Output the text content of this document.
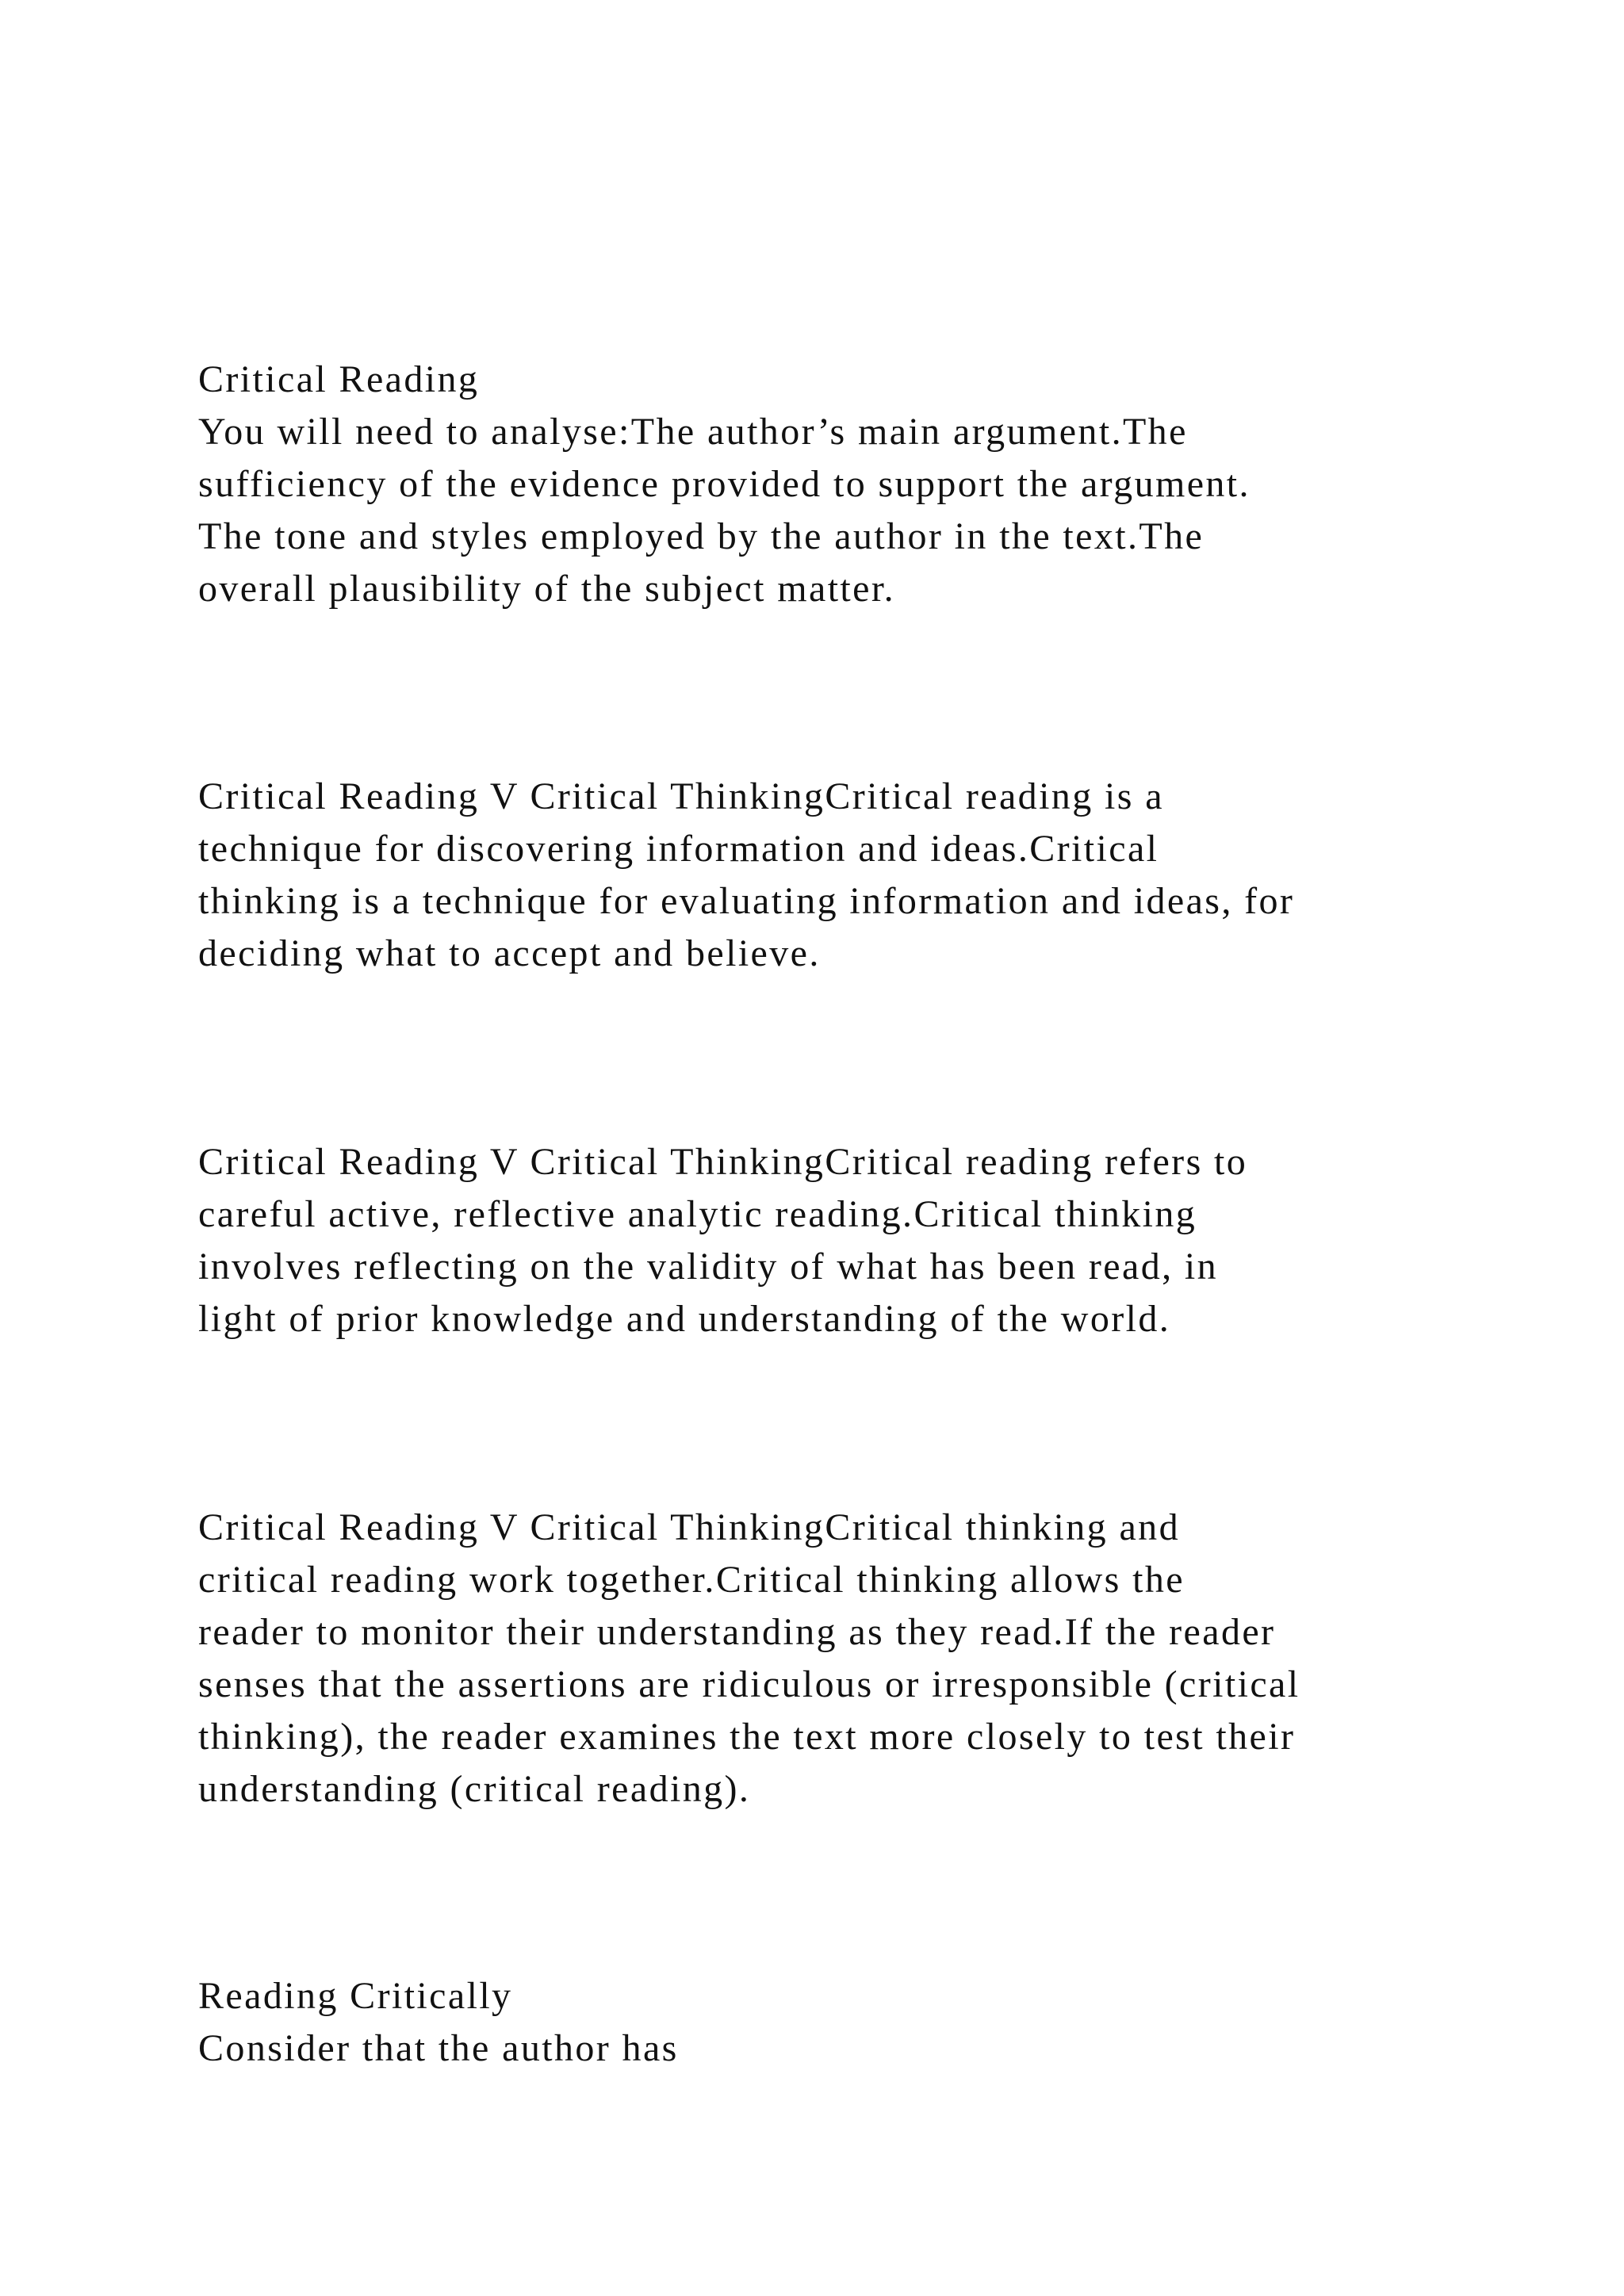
Critical Reading

You will need to analyse:The author’s main argument.The

sufficiency of the evidence provided to support the argument.

The tone and styles employed by the author in the text.The

overall plausibility of the subject matter.

Critical Reading V Critical ThinkingCritical reading is a

technique for discovering information and ideas.Critical

thinking is a technique for evaluating information and ideas, for

deciding what to accept and believe.

Critical Reading V Critical ThinkingCritical reading refers to

careful active, reflective analytic reading.Critical thinking

involves reflecting on the validity of what has been read, in

light of prior knowledge and understanding of the world.

Critical Reading V Critical ThinkingCritical thinking and

critical reading work together.Critical thinking allows the

reader to monitor their understanding as they read.If the reader

senses that the assertions are ridiculous or irresponsible (critical

thinking), the reader examines the text more closely to test their

understanding (critical reading).

Reading Critically

Consider that the author has
